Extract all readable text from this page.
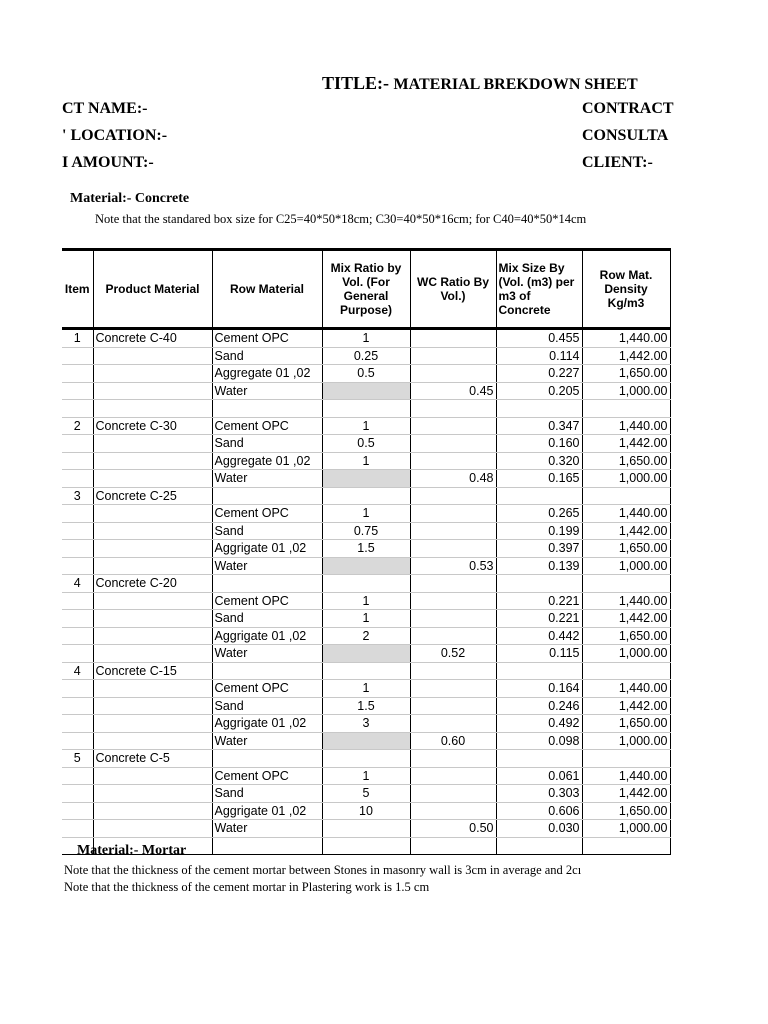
TITLE:- MATERIAL BREKDOWN SHEET
CT NAME:-
' LOCATION:-
I AMOUNT:-
CONTRACT
CONSULTA
CLIENT:-
Material:- Concrete
Note that the standared box size for C25=40*50*18cm; C30=40*50*16cm; for C40=40*50*14cm
Item	Product Material	Row Material	Mix Ratio by Vol. (For General Purpose)	WC Ratio By Vol.)	Mix Size By (Vol. (m3) per m3 of Concrete	Row Mat. Density Kg/m3
1	Concrete C-40	Cement OPC	1		0.455	1,440.00
		Sand	0.25		0.114	1,442.00
		Aggregate 01 ,02	0.5		0.227	1,650.00
		Water		0.45	0.205	1,000.00

2	Concrete C-30	Cement OPC	1		0.347	1,440.00
		Sand	0.5		0.160	1,442.00
		Aggregate 01 ,02	1		0.320	1,650.00
		Water		0.48	0.165	1,000.00
3	Concrete C-25					
		Cement OPC	1		0.265	1,440.00
		Sand	0.75		0.199	1,442.00
		Aggrigate 01 ,02	1.5		0.397	1,650.00
		Water		0.53	0.139	1,000.00
4	Concrete C-20					
		Cement OPC	1		0.221	1,440.00
		Sand	1		0.221	1,442.00
		Aggrigate 01 ,02	2		0.442	1,650.00
		Water		0.52	0.115	1,000.00
4	Concrete C-15					
		Cement OPC	1		0.164	1,440.00
		Sand	1.5		0.246	1,442.00
		Aggrigate 01 ,02	3		0.492	1,650.00
		Water		0.60	0.098	1,000.00
5	Concrete C-5					
		Cement OPC	1		0.061	1,440.00
		Sand	5		0.303	1,442.00
		Aggrigate 01 ,02	10		0.606	1,650.00
		Water		0.50	0.030	1,000.00

Material:- Mortar
Note that the thickness of the cement mortar between Stones in masonry wall is 3cm in average and 2cı
Note that the thickness of the cement mortar in Plastering work is 1.5 cm
